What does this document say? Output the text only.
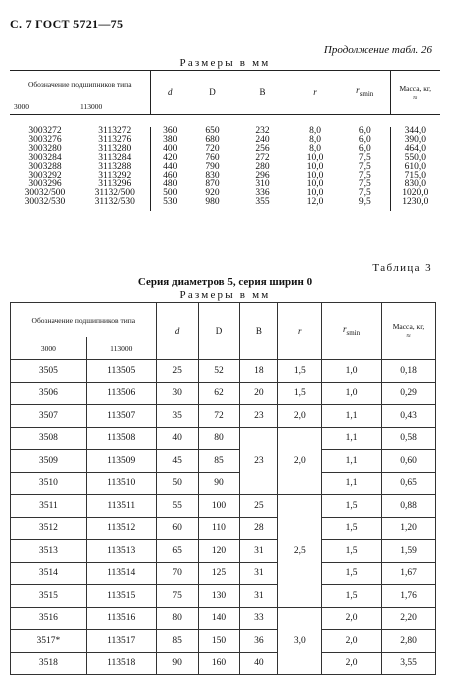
С. 7 ГОСТ 5721—75
Продолжение табл. 26
Размеры в мм
Обозначение подшипников типа		d	D	B	r	$r_{smin}$	Масса, кг,
≈
3000	113000						

3003272	3113272	360	650	232	8,0	6,0	344,0
3003276	3113276	380	680	240	8,0	6,0	390,0
3003280	3113280	400	720	256	8,0	6,0	464,0
3003284	3113284	420	760	272	10,0	7,5	550,0
3003288	3113288	440	790	280	10,0	7,5	610,0
3003292	3113292	460	830	296	10,0	7,5	715,0
3003296	3113296	480	870	310	10,0	7,5	830,0
30032/500	31132/500	500	920	336	10,0	7,5	1020,0
30032/530	31132/530	530	980	355	12,0	9,5	1230,0
Таблица 3
Серия диаметров 5, серия ширин 0
Размеры в мм
Обозначение подшипников типа		d	D	B	r	$r_{smin}$	Масса, кг,
≈
3000	113000						
3505	113505	25	52	18	1,5	1,0	0,18
3506	113506	30	62	20	1,5	1,0	0,29
3507	113507	35	72	23	2,0	1,1	0,43
3508	113508	40	80	23	2,0	1,1	0,58
3509	113509	45	85			1,1	0,60
3510	113510	50	90			1,1	0,65
3511	113511	55	100	25	2,5	1,5	0,88
3512	113512	60	110	28		1,5	1,20
3513	113513	65	120	31		1,5	1,59
3514	113514	70	125	31		1,5	1,67
3515	113515	75	130	31		1,5	1,76
3516	113516	80	140	33	3,0	2,0	2,20
3517*	113517	85	150	36		2,0	2,80
3518	113518	90	160	40		2,0	3,55
